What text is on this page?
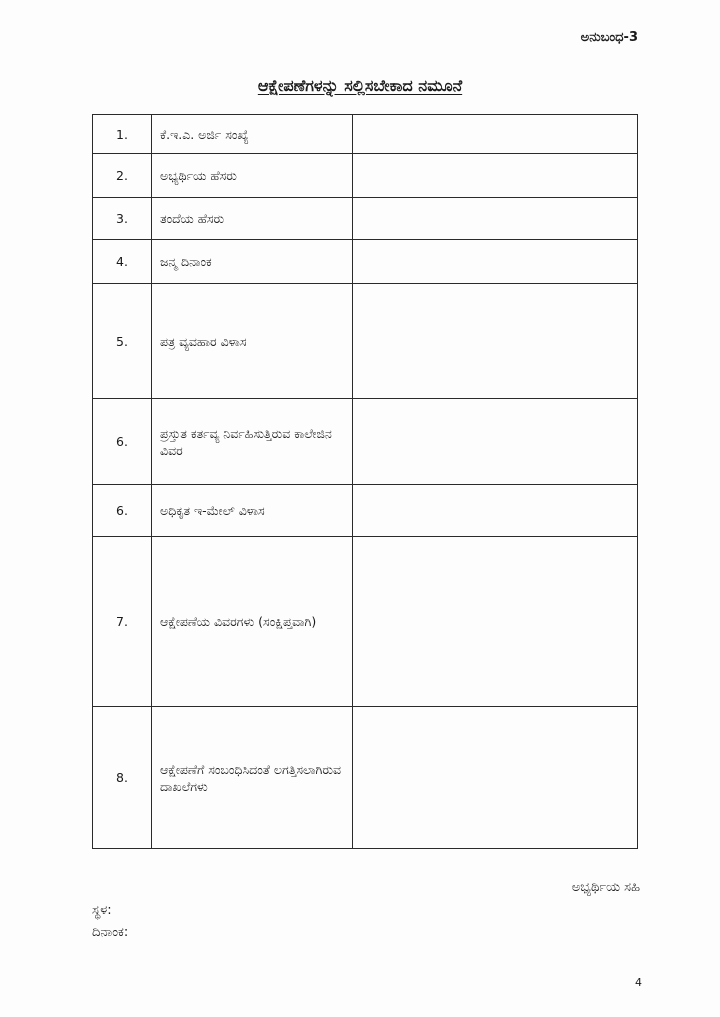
ಅನುಬಂಧ-3
ಆಕ್ಷೇಪಣೆಗಳನ್ನು ಸಲ್ಲಿಸಬೇಕಾದ ನಮೂನೆ
1.	ಕೆ.ಇ.ಎ. ಅರ್ಜಿ ಸಂಖ್ಯೆ	
2.	ಅಭ್ಯರ್ಥಿಯ ಹೆಸರು	
3.	ತಂದೆಯ ಹೆಸರು	
4.	ಜನ್ಮ ದಿನಾಂಕ	
5.	ಪತ್ರ ವ್ಯವಹಾರ ವಿಳಾಸ	
6.	ಪ್ರಸ್ತುತ ಕರ್ತವ್ಯ ನಿರ್ವಹಿಸುತ್ತಿರುವ ಕಾಲೇಜಿನ ವಿವರ	
6.	ಅಧಿಕೃತ ಇ-ಮೇಲ್ ವಿಳಾಸ	
7.	ಆಕ್ಷೇಪಣೆಯ ವಿವರಗಳು (ಸಂಕ್ಷಿಪ್ತವಾಗಿ)	
8.	ಆಕ್ಷೇಪಣೆಗೆ ಸಂಬಂಧಿಸಿದಂತೆ ಲಗತ್ತಿಸಲಾಗಿರುವ ದಾಖಲೆಗಳು	
ಅಭ್ಯರ್ಥಿಯ ಸಹಿ
ಸ್ಥಳ:
ದಿನಾಂಕ:
4
